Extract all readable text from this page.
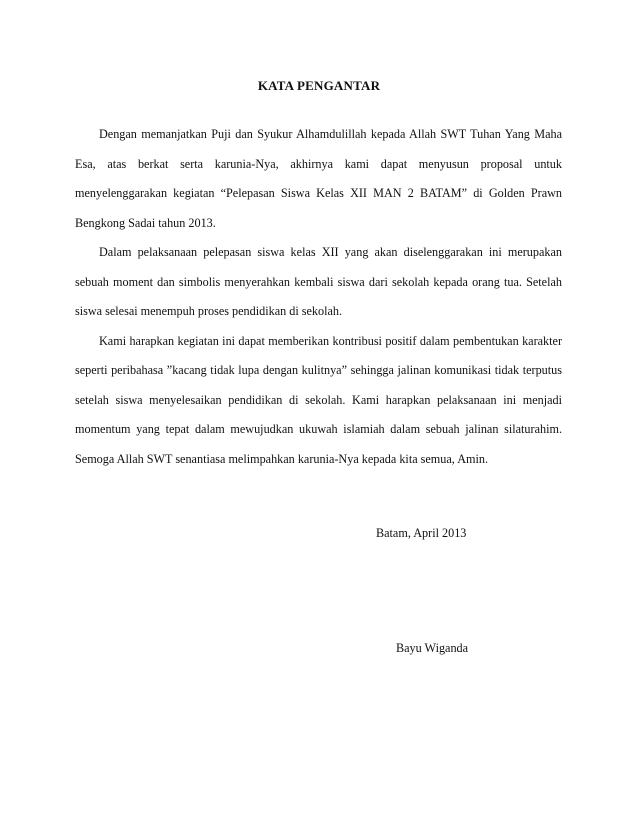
KATA PENGANTAR

Dengan memanjatkan Puji dan Syukur Alhamdulillah kepada Allah SWT Tuhan Yang Maha Esa, atas berkat serta karunia-Nya, akhirnya kami dapat menyusun proposal untuk menyelenggarakan kegiatan “Pelepasan Siswa Kelas XII MAN 2 BATAM” di Golden Prawn Bengkong Sadai tahun 2013.

Dalam pelaksanaan pelepasan siswa kelas XII yang akan diselenggarakan ini merupakan sebuah moment dan simbolis menyerahkan kembali siswa dari sekolah kepada orang tua. Setelah siswa selesai menempuh proses pendidikan di sekolah.

Kami harapkan kegiatan ini dapat memberikan kontribusi positif dalam pembentukan karakter seperti peribahasa ”kacang tidak lupa dengan kulitnya” sehingga jalinan komunikasi tidak terputus setelah siswa menyelesaikan pendidikan di sekolah. Kami harapkan pelaksanaan ini menjadi momentum yang tepat dalam mewujudkan ukuwah islamiah dalam sebuah jalinan silaturahim. Semoga Allah SWT senantiasa melimpahkan karunia-Nya kepada kita semua, Amin.

Batam, April 2013
Bayu Wiganda
